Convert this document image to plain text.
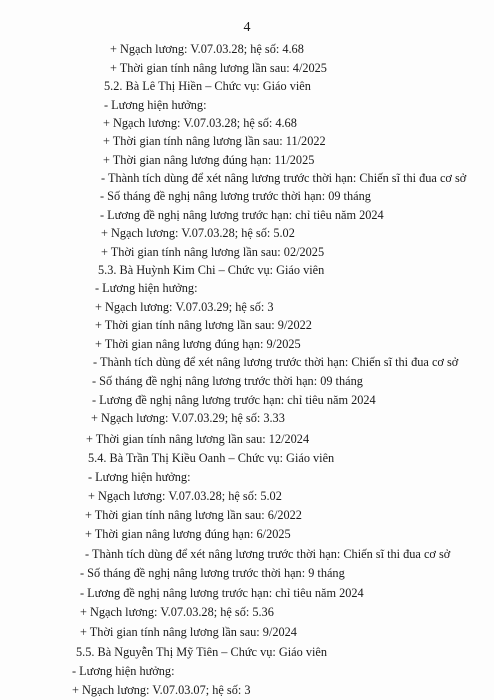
4
+ Ngạch lương: V.07.03.28; hệ số: 4.68
+ Thời gian tính nâng lương lần sau: 4/2025
5.2. Bà Lê Thị Hiền – Chức vụ: Giáo viên
- Lương hiện hưởng:
+ Ngạch lương: V.07.03.28; hệ số: 4.68
+ Thời gian tính nâng lương lần sau: 11/2022
+ Thời gian nâng lương đúng hạn: 11/2025
- Thành tích dùng để xét nâng lương trước thời hạn: Chiến sĩ thi đua cơ sở
- Số tháng đề nghị nâng lương trước thời hạn: 09 tháng
- Lương đề nghị nâng lương trước hạn: chỉ tiêu năm 2024
+ Ngạch lương: V.07.03.28; hệ số: 5.02
+ Thời gian tính nâng lương lần sau: 02/2025
5.3. Bà Huỳnh Kim Chi – Chức vụ: Giáo viên
- Lương hiện hưởng:
+ Ngạch lương: V.07.03.29; hệ số: 3
+ Thời gian tính nâng lương lần sau: 9/2022
+ Thời gian nâng lương đúng hạn: 9/2025
- Thành tích dùng để xét nâng lương trước thời hạn: Chiến sĩ thi đua cơ sở
- Số tháng đề nghị nâng lương trước thời hạn: 09 tháng
- Lương đề nghị nâng lương trước hạn: chỉ tiêu năm 2024
+ Ngạch lương: V.07.03.29; hệ số: 3.33
+ Thời gian tính nâng lương lần sau: 12/2024
5.4. Bà Trần Thị Kiều Oanh – Chức vụ: Giáo viên
- Lương hiện hưởng:
+ Ngạch lương: V.07.03.28; hệ số: 5.02
+ Thời gian tính nâng lương lần sau: 6/2022
+ Thời gian nâng lương đúng hạn: 6/2025
- Thành tích dùng để xét nâng lương trước thời hạn: Chiến sĩ thi đua cơ sở
- Số tháng đề nghị nâng lương trước thời hạn: 9 tháng
- Lương đề nghị nâng lương trước hạn: chỉ tiêu năm 2024
+ Ngạch lương: V.07.03.28; hệ số: 5.36
+ Thời gian tính nâng lương lần sau: 9/2024
5.5. Bà Nguyễn Thị Mỹ Tiên – Chức vụ: Giáo viên
- Lương hiện hưởng:
+ Ngạch lương: V.07.03.07; hệ số: 3
